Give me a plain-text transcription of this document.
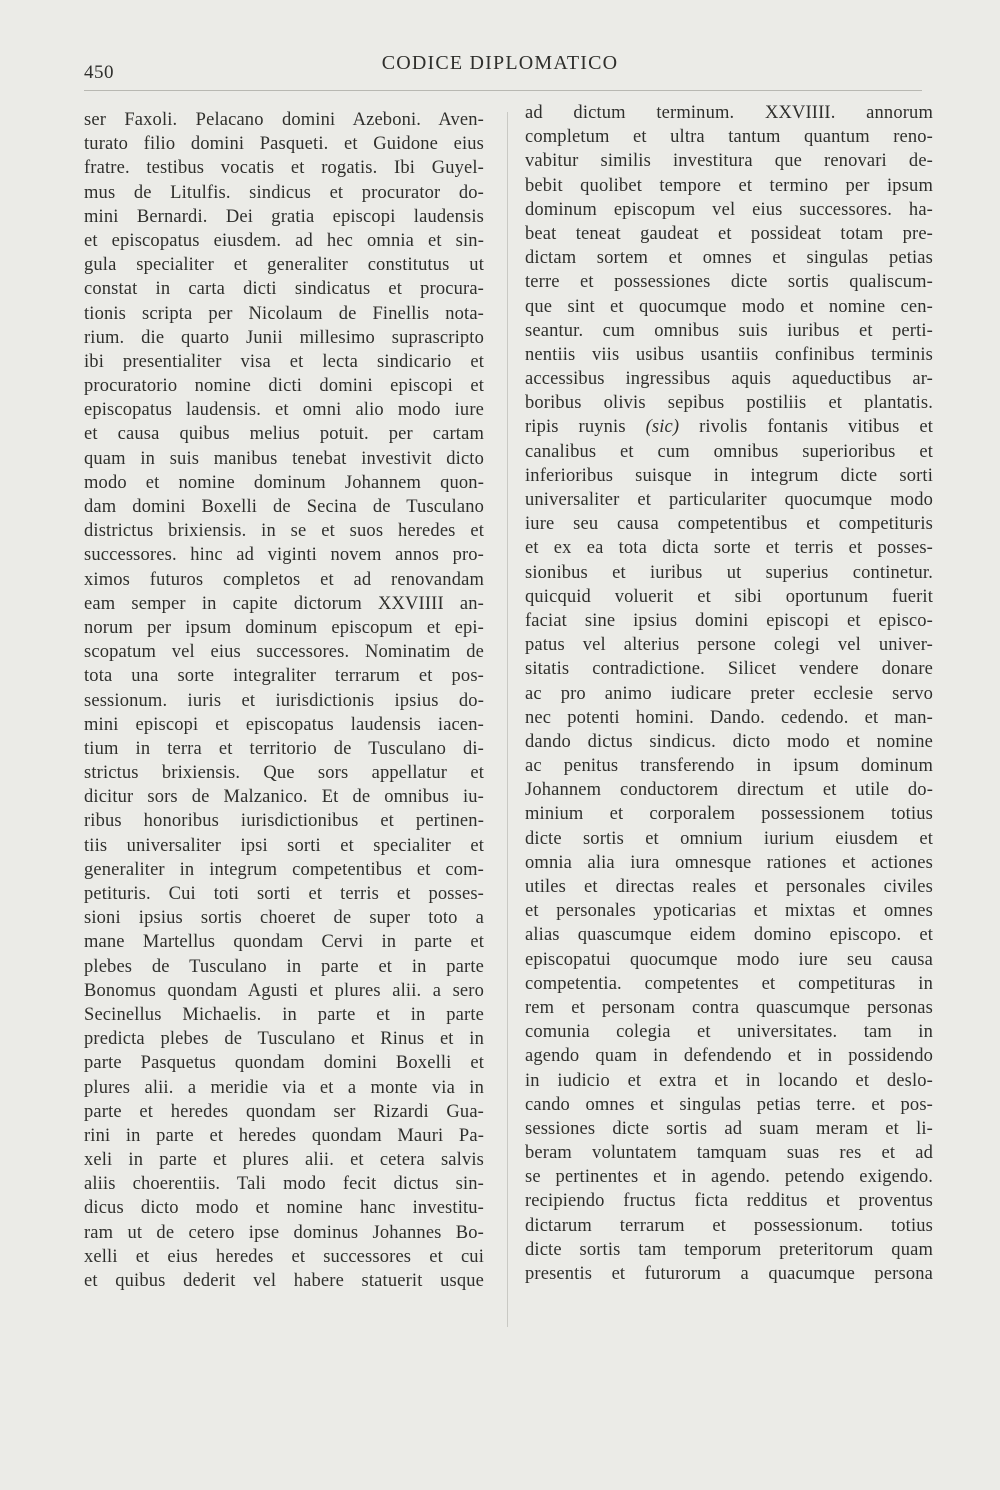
450	CODICE DIPLOMATICO
ser Faxoli. Pelacano domini Azeboni. Aven-
turato filio domini Pasqueti. et Guidone eius
fratre. testibus vocatis et rogatis. Ibi Guyel-
mus de Litulfis. sindicus et procurator do-
mini Bernardi. Dei gratia episcopi laudensis
et episcopatus eiusdem. ad hec omnia et sin-
gula specialiter et generaliter constitutus ut
constat in carta dicti sindicatus et procura-
tionis scripta per Nicolaum de Finellis nota-
rium. die quarto Junii millesimo suprascripto
ibi presentialiter visa et lecta sindicario et
procuratorio nomine dicti domini episcopi et
episcopatus laudensis. et omni alio modo iure
et causa quibus melius potuit. per cartam
quam in suis manibus tenebat investivit dicto
modo et nomine dominum Johannem quon-
dam domini Boxelli de Secina de Tusculano
districtus brixiensis. in se et suos heredes et
successores. hinc ad viginti novem annos pro-
ximos futuros completos et ad renovandam
eam semper in capite dictorum XXVIIII an-
norum per ipsum dominum episcopum et epi-
scopatum vel eius successores. Nominatim de
tota una sorte integraliter terrarum et pos-
sessionum. iuris et iurisdictionis ipsius do-
mini episcopi et episcopatus laudensis iacen-
tium in terra et territorio de Tusculano di-
strictus brixiensis. Que sors appellatur et
dicitur sors de Malzanico. Et de omnibus iu-
ribus honoribus iurisdictionibus et pertinen-
tiis universaliter ipsi sorti et specialiter et
generaliter in integrum competentibus et com-
petituris. Cui toti sorti et terris et posses-
sioni ipsius sortis choeret de super toto a
mane Martellus quondam Cervi in parte et
plebes de Tusculano in parte et in parte
Bonomus quondam Agusti et plures alii. a sero
Secinellus Michaelis. in parte et in parte
predicta plebes de Tusculano et Rinus et in
parte Pasquetus quondam domini Boxelli et
plures alii. a meridie via et a monte via in
parte et heredes quondam ser Rizardi Gua-
rini in parte et heredes quondam Mauri Pa-
xeli in parte et plures alii. et cetera salvis
aliis choerentiis. Tali modo fecit dictus sin-
dicus dicto modo et nomine hanc investitu-
ram ut de cetero ipse dominus Johannes Bo-
xelli et eius heredes et successores et cui
et quibus dederit vel habere statuerit usque
ad dictum terminum. XXVIIII. annorum
completum et ultra tantum quantum reno-
vabitur similis investitura que renovari de-
bebit quolibet tempore et termino per ipsum
dominum episcopum vel eius successores. ha-
beat teneat gaudeat et possideat totam pre-
dictam sortem et omnes et singulas petias
terre et possessiones dicte sortis qualiscum-
que sint et quocumque modo et nomine cen-
seantur. cum omnibus suis iuribus et perti-
nentiis viis usibus usantiis confinibus terminis
accessibus ingressibus aquis aqueductibus ar-
boribus olivis sepibus postiliis et plantatis.
ripis ruynis (sic) rivolis fontanis vitibus et
canalibus et cum omnibus superioribus et
inferioribus suisque in integrum dicte sorti
universaliter et particulariter quocumque modo
iure seu causa competentibus et competituris
et ex ea tota dicta sorte et terris et posses-
sionibus et iuribus ut superius continetur.
quicquid voluerit et sibi oportunum fuerit
faciat sine ipsius domini episcopi et episco-
patus vel alterius persone colegi vel univer-
sitatis contradictione. Silicet vendere donare
ac pro animo iudicare preter ecclesie servo
nec potenti homini. Dando. cedendo. et man-
dando dictus sindicus. dicto modo et nomine
ac penitus transferendo in ipsum dominum
Johannem conductorem directum et utile do-
minium et corporalem possessionem totius
dicte sortis et omnium iurium eiusdem et
omnia alia iura omnesque rationes et actiones
utiles et directas reales et personales civiles
et personales ypoticarias et mixtas et omnes
alias quascumque eidem domino episcopo. et
episcopatui quocumque modo iure seu causa
competentia. competentes et competituras in
rem et personam contra quascumque personas
comunia colegia et universitates. tam in
agendo quam in defendendo et in possidendo
in iudicio et extra et in locando et deslo-
cando omnes et singulas petias terre. et pos-
sessiones dicte sortis ad suam meram et li-
beram voluntatem tamquam suas res et ad
se pertinentes et in agendo. petendo exigendo.
recipiendo fructus ficta redditus et proventus
dictarum terrarum et possessionum. totius
dicte sortis tam temporum preteritorum quam
presentis et futurorum a quacumque persona
